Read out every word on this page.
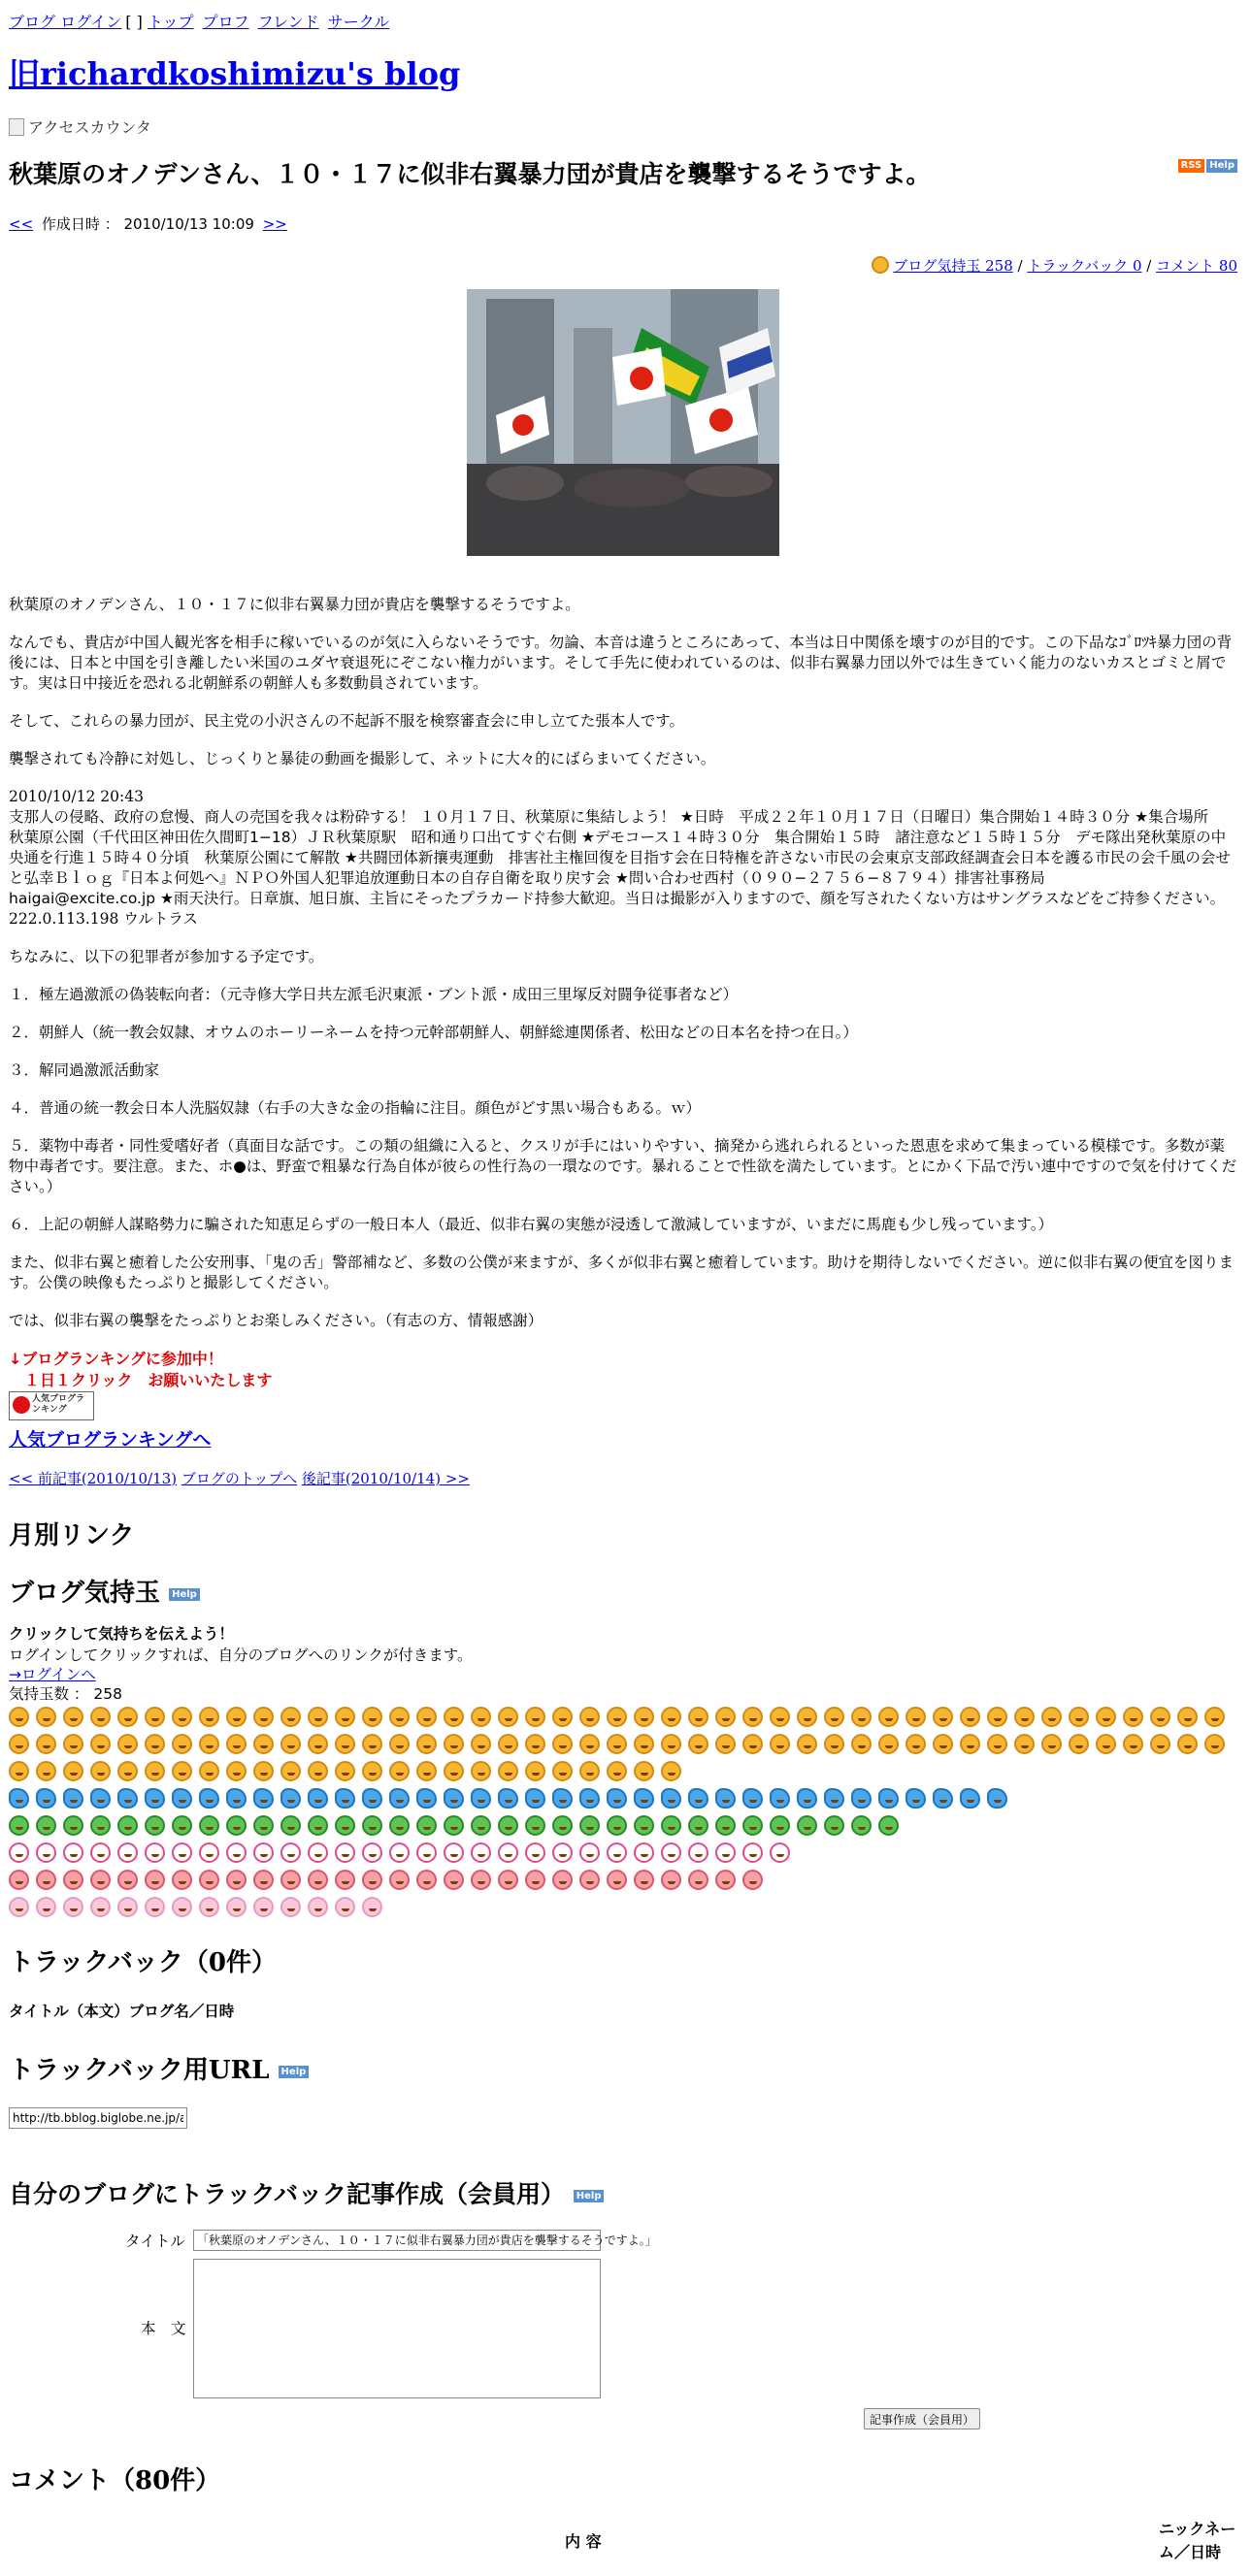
ブログ ログイン [ ] トップ プロフ フレンド サークル
旧richardkoshimizu's blog
アクセスカウンタ
秋葉原のオノデンさん、１０・１７に似非右翼暴力団が貴店を襲撃するそうですよ。	RSS Help
<< 作成日時 ： 2010/10/13 10:09 >>
ブログ気持玉 258 / トラックバック 0 / コメント 80

秋葉原のオノデンさん、１０・１７に似非右翼暴力団が貴店を襲撃するそうですよ。

なんでも、貴店が中国人観光客を相手に稼いでいるのが気に入らないそうです。勿論、本音は違うところにあって、本当は日中関係を壊すのが目的です。この下品なｺﾞﾛﾂｷ暴力団の背後には、日本と中国を引き離したい米国のユダヤ衰退死にぞこない権力がいます。そして手先に使われているのは、似非右翼暴力団以外では生きていく能力のないカスとゴミと屑です。実は日中接近を恐れる北朝鮮系の朝鮮人も多数動員されています。

そして、これらの暴力団が、民主党の小沢さんの不起訴不服を検察審査会に申し立てた張本人です。

襲撃されても冷静に対処し、じっくりと暴徒の動画を撮影して、ネットに大々的にばらまいてください。

2010/10/12 20:43
支那人の侵略、政府の怠慢、商人の売国を我々は粉砕する！ １０月１７日、秋葉原に集結しよう！ ★日時　平成２２年１０月１７日（日曜日）集合開始１４時３０分 ★集合場所　秋葉原公園（千代田区神田佐久間町1−18）ＪＲ秋葉原駅　昭和通り口出てすぐ右側 ★デモコース１４時３０分　集合開始１５時　諸注意など１５時１５分　デモ隊出発秋葉原の中央通を行進１５時４０分頃　秋葉原公園にて解散 ★共闘団体新攘夷運動　排害社主権回復を目指す会在日特権を許さない市民の会東京支部政経調査会日本を護る市民の会千風の会せと弘幸Ｂｌｏｇ『日本よ何処へ』ＮＰＯ外国人犯罪追放運動日本の自存自衛を取り戻す会 ★問い合わせ西村（０９０−２７５６−８７９４）排害社事務局
haigai@excite.co.jp ★雨天決行。日章旗、旭日旗、主旨にそったプラカード持参大歓迎。当日は撮影が入りますので、顔を写されたくない方はサングラスなどをご持参ください。
222.0.113.198 ウルトラス

ちなみに、以下の犯罪者が参加する予定です。

１．極左過激派の偽装転向者：（元寺修大学日共左派毛沢東派・ブント派・成田三里塚反対闘争従事者など）

２．朝鮮人（統一教会奴隷、オウムのホーリーネームを持つ元幹部朝鮮人、朝鮮総連関係者、松田などの日本名を持つ在日。）

３．解同過激派活動家

４．普通の統一教会日本人洗脳奴隷（右手の大きな金の指輪に注目。顔色がどす黒い場合もある。ｗ）

５．薬物中毒者・同性愛嗜好者（真面目な話です。この類の組織に入ると、クスリが手にはいりやすい、摘発から逃れられるといった恩恵を求めて集まっている模様です。多数が薬物中毒者です。要注意。また、ホ●は、野蛮で粗暴な行為自体が彼らの性行為の一環なのです。暴れることで性欲を満たしています。とにかく下品で汚い連中ですので気を付けてください。）

６．上記の朝鮮人謀略勢力に騙された知恵足らずの一般日本人（最近、似非右翼の実態が浸透して激減していますが、いまだに馬鹿も少し残っています。）

また、似非右翼と癒着した公安刑事、「鬼の舌」警部補など、多数の公僕が来ますが、多くが似非右翼と癒着しています。助けを期待しないでください。逆に似非右翼の便宜を図ります。公僕の映像もたっぷりと撮影してください。

では、似非右翼の襲撃をたっぷりとお楽しみください。（有志の方、情報感謝）

↓ブログランキングに参加中！
　１日１クリック　お願いいたします
人気ブログランキング
人気ブログランキングへ
<< 前記事(2010/10/13) ブログのトップへ 後記事(2010/10/14) >>
月別リンク
ブログ気持玉 Help
クリックして気持ちを伝えよう！
ログインしてクリックすれば、自分のブログへのリンクが付きます。
→ログインへ
気持玉数 ： 258
トラックバック（0件）
タイトル（本文）ブログ名／日時
トラックバック用URL Help
http://tb.bblog.biglobe.ne.jp/ap/tb/
自分のブログにトラックバック記事作成（会員用） Help
タイトル	「秋葉原のオノデンさん、１０・１７に似非右翼暴力団が貴店を襲撃するそうですよ。」
本　文
記事作成（会員用）
コメント（80件）
内 容
ニックネーム／日時
